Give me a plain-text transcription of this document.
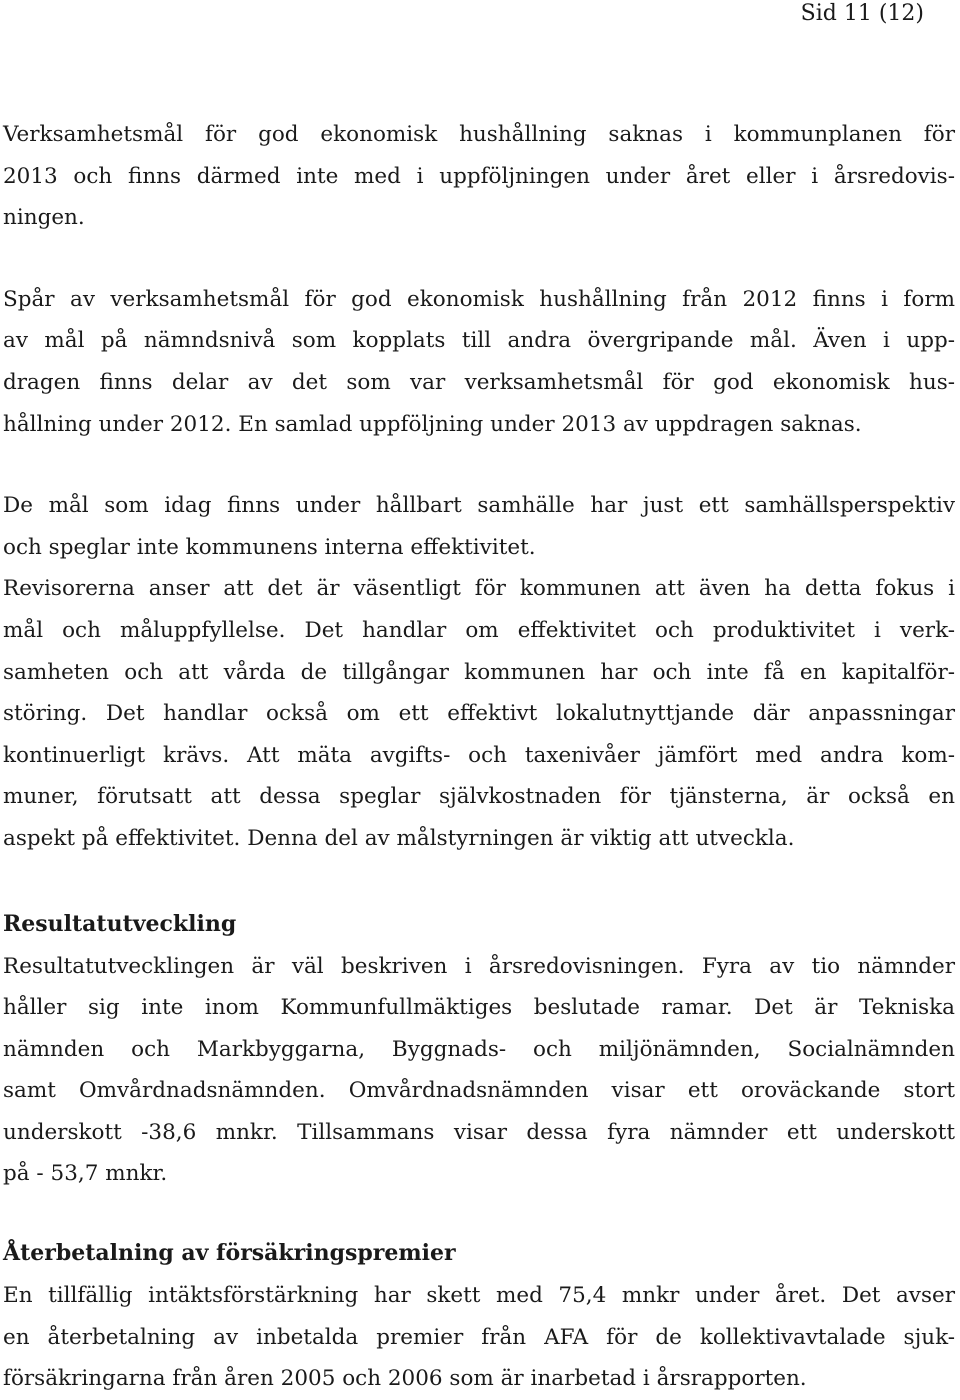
Sid 11 (12)

Verksamhetsmål för god ekonomisk hushållning saknas i kommunplanen för
2013 och finns därmed inte med i uppföljningen under året eller i årsredovis-
ningen.

Spår av verksamhetsmål för god ekonomisk hushållning från 2012 finns i form
av mål på nämndsnivå som kopplats till andra övergripande mål. Även i upp-
dragen finns delar av det som var verksamhetsmål för god ekonomisk hus-
hållning under 2012. En samlad uppföljning under 2013 av uppdragen saknas.

De mål som idag finns under hållbart samhälle har just ett samhällsperspektiv
och speglar inte kommunens interna effektivitet.

Revisorerna anser att det är väsentligt för kommunen att även ha detta fokus i
mål och måluppfyllelse. Det handlar om effektivitet och produktivitet i verk-
samheten och att vårda de tillgångar kommunen har och inte få en kapitalför-
störing. Det handlar också om ett effektivt lokalutnyttjande där anpassningar
kontinuerligt krävs. Att mäta avgifts- och taxenivåer jämfört med andra kom-
muner, förutsatt att dessa speglar självkostnaden för tjänsterna, är också en
aspekt på effektivitet. Denna del av målstyrningen är viktig att utveckla.

Resultatutveckling

Resultatutvecklingen är väl beskriven i årsredovisningen. Fyra av tio nämnder
håller sig inte inom Kommunfullmäktiges beslutade ramar. Det är Tekniska
nämnden och Markbyggarna, Byggnads- och miljönämnden, Socialnämnden
samt Omvårdnadsnämnden. Omvårdnadsnämnden visar ett oroväckande stort
underskott -38,6 mnkr. Tillsammans visar dessa fyra nämnder ett underskott
på - 53,7 mnkr.

Återbetalning av försäkringspremier

En tillfällig intäktsförstärkning har skett med 75,4 mnkr under året. Det avser
en återbetalning av inbetalda premier från AFA för de kollektivavtalade sjuk-
försäkringarna från åren 2005 och 2006 som är inarbetad i årsrapporten.
